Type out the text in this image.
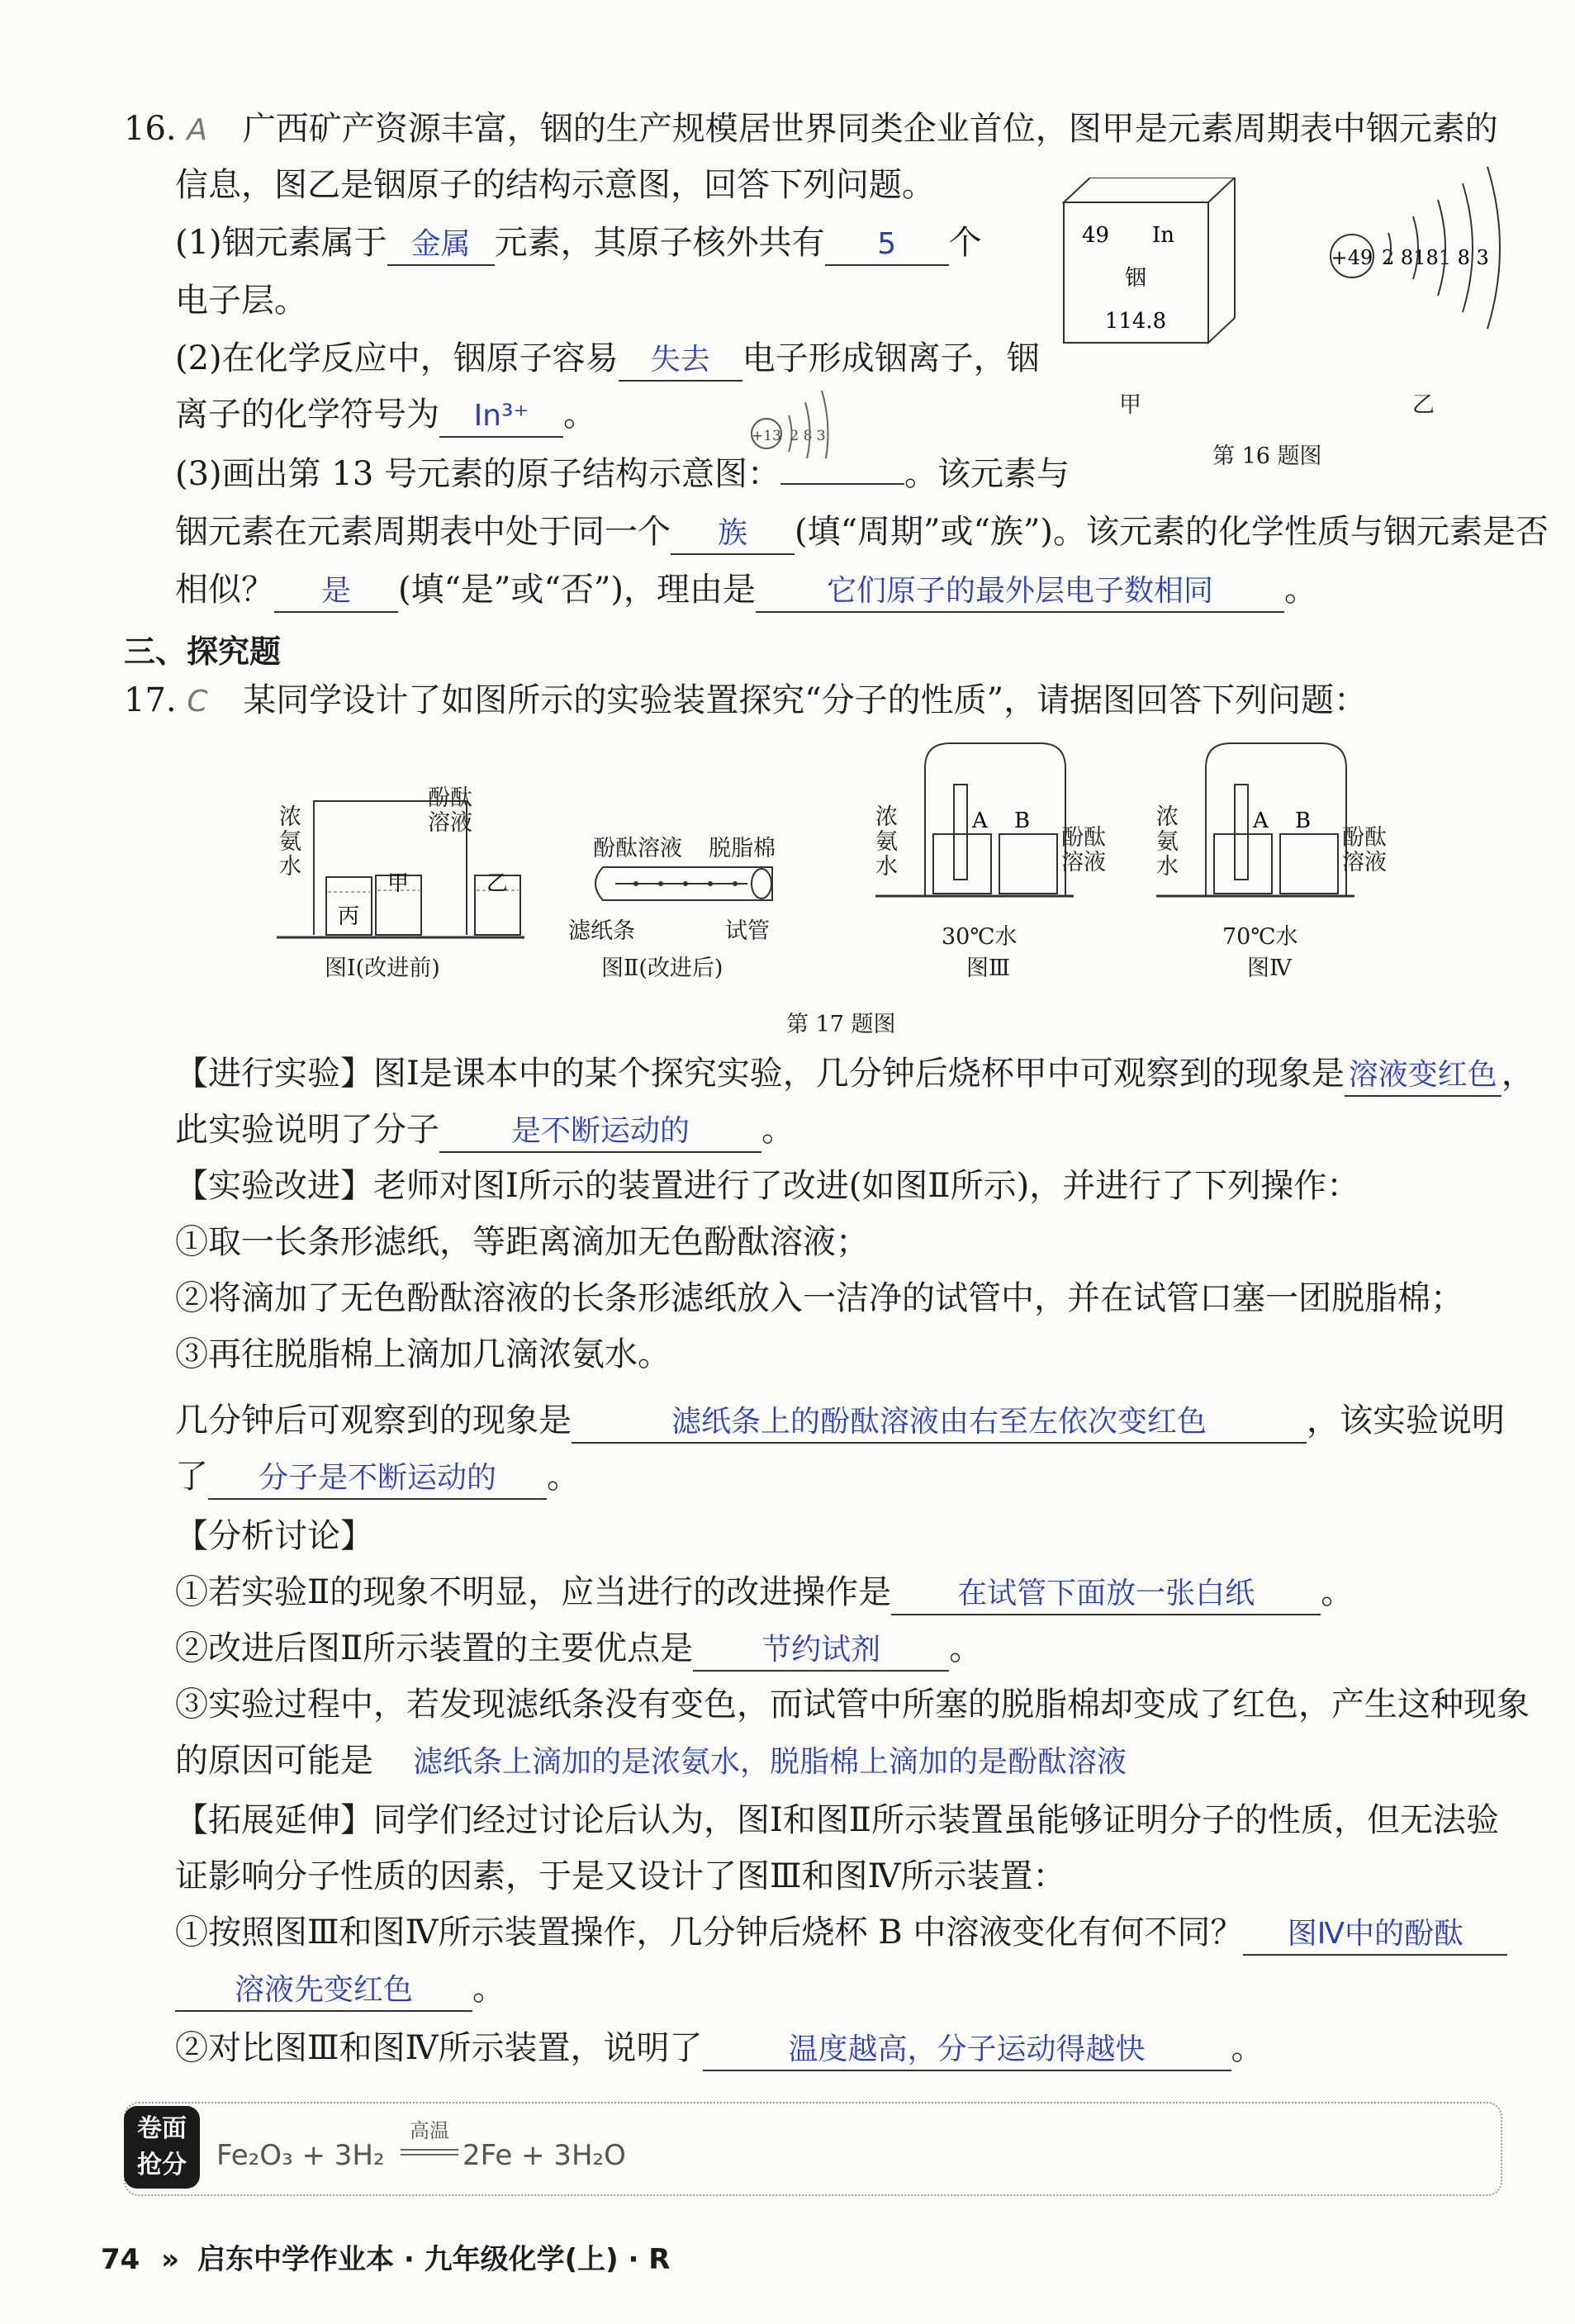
16. A 广西矿产资源丰富，铟的生产规模居世界同类企业首位，图甲是元素周期表中铟元素的
信息，图乙是铟原子的结构示意图，回答下列问题。
(1)铟元素属于 金属 元素，其原子核外共有 5 个
电子层。
(2)在化学反应中，铟原子容易 失去 电子形成铟离子，铟
离子的化学符号为 In³⁺ 。
+13 2 8 3
(3)画出第 13 号元素的原子结构示意图：	。该元素与
铟元素在元素周期表中处于同一个 族 (填“周期”或“族”)。该元素的化学性质与铟元素是否
相似？ 是 (填“是”或“否”)，理由是 它们原子的最外层电子数相同 。
49 In
铟
114.8
甲
+49 2 8181 8 3
乙
第 16 题图
三、探究题
17. C 某同学设计了如图所示的实验装置探究“分子的性质”，请据图回答下列问题：
丙
甲	乙
浓氨水
酚酞溶液
图Ⅰ(改进前)
酚酞溶液 脱脂棉
滤纸条	试管
图Ⅱ(改进后)
A B
浓氨水
酚酞溶液
30℃水
图Ⅲ
A B
浓氨水
酚酞溶液
70℃水
图Ⅳ
第 17 题图
【进行实验】图Ⅰ是课本中的某个探究实验，几分钟后烧杯甲中可观察到的现象是 溶液变红色 ，
此实验说明了分子 是不断运动的 。
【实验改进】老师对图Ⅰ所示的装置进行了改进(如图Ⅱ所示)，并进行了下列操作：
①取一长条形滤纸，等距离滴加无色酚酞溶液；
②将滴加了无色酚酞溶液的长条形滤纸放入一洁净的试管中，并在试管口塞一团脱脂棉；
③再往脱脂棉上滴加几滴浓氨水。
几分钟后可观察到的现象是	滤纸条上的酚酞溶液由右至左依次变红色	，该实验说明
了 分子是不断运动的 。
【分析讨论】
①若实验Ⅱ的现象不明显，应当进行的改进操作是 在试管下面放一张白纸 。
②改进后图Ⅱ所示装置的主要优点是 节约试剂 。
③实验过程中，若发现滤纸条没有变色，而试管中所塞的脱脂棉却变成了红色，产生这种现象
的原因可能是 滤纸条上滴加的是浓氨水，脱脂棉上滴加的是酚酞溶液
【拓展延伸】同学们经过讨论后认为，图Ⅰ和图Ⅱ所示装置虽能够证明分子的性质，但无法验
证影响分子性质的因素，于是又设计了图Ⅲ和图Ⅳ所示装置：
①按照图Ⅲ和图Ⅳ所示装置操作，几分钟后烧杯 B 中溶液变化有何不同？ 图Ⅳ中的酚酞
溶液先变红色 。
②对比图Ⅲ和图Ⅳ所示装置，说明了	温度越高，分子运动得越快	。
卷面
抢分	Fe₂O₃ + 3H₂
高温
2Fe + 3H₂O
74 » 启东中学作业本 · 九年级化学(上) · R
